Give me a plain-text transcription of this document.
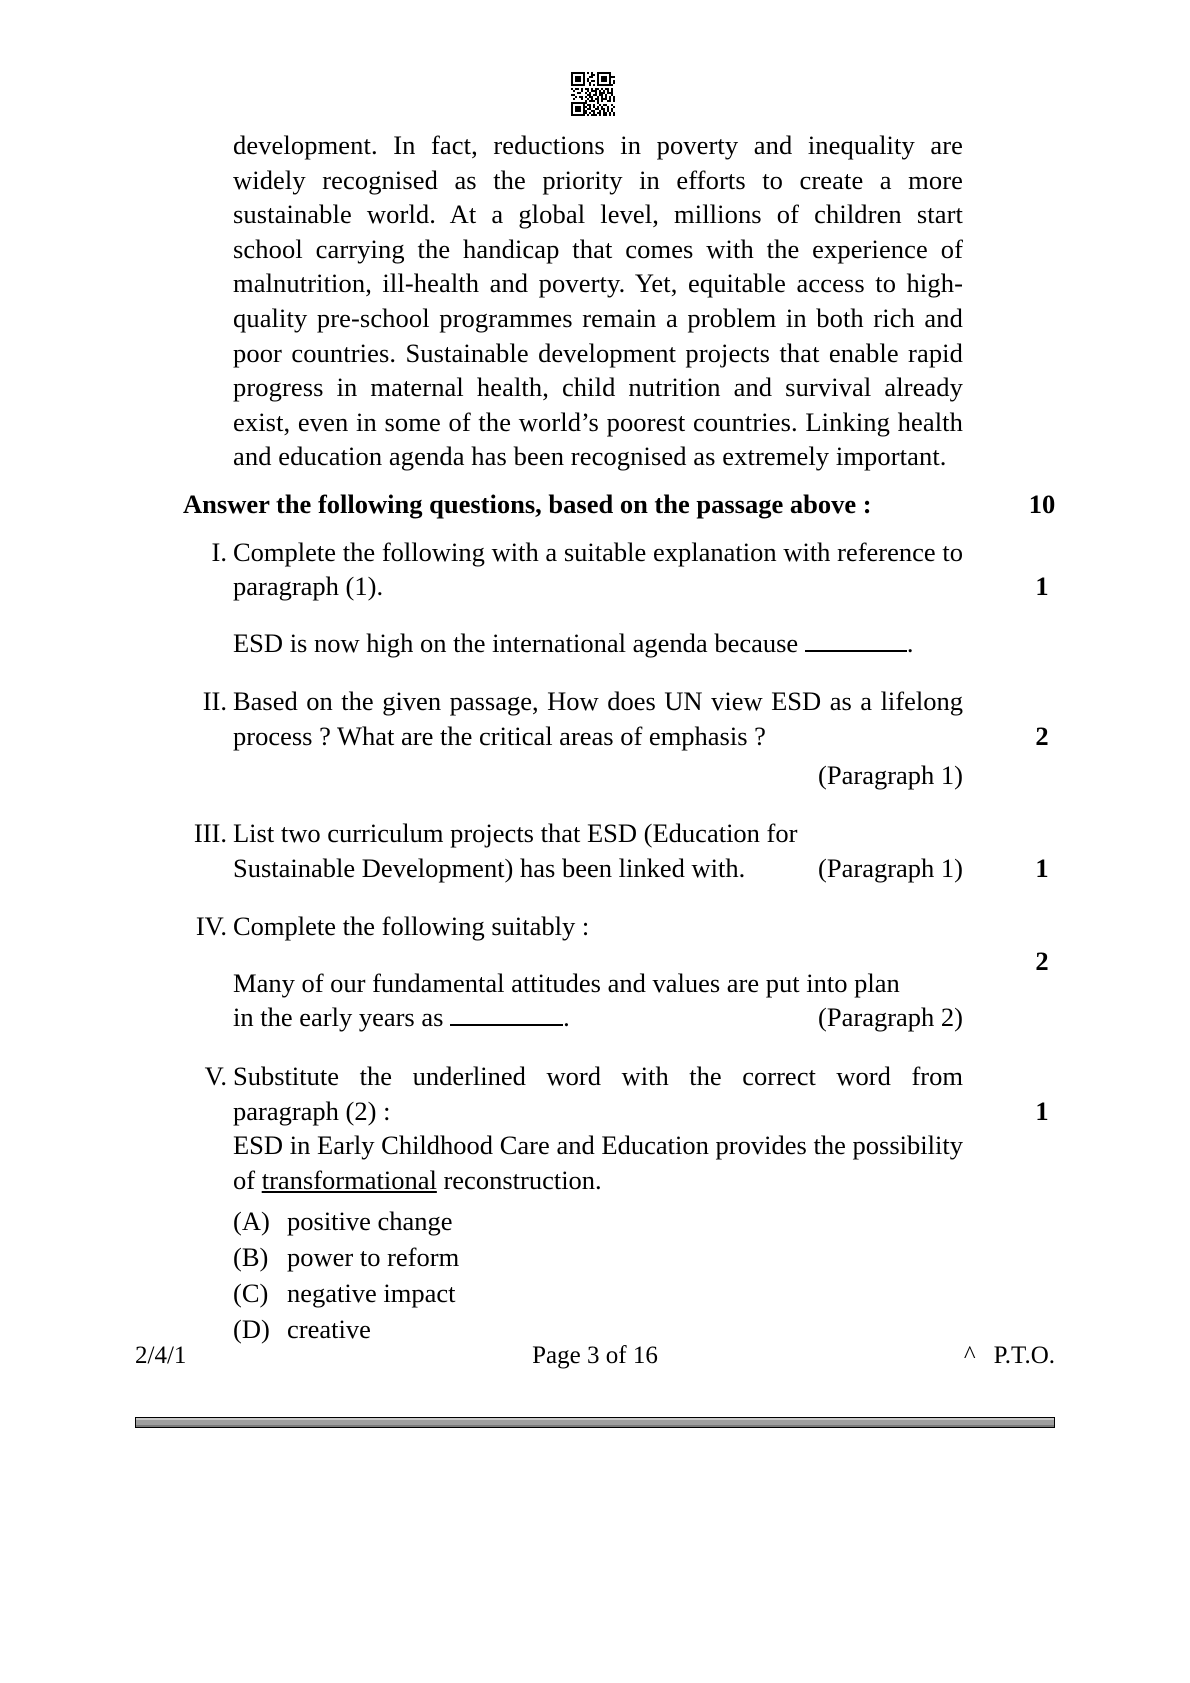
development. In fact, reductions in poverty and inequality are widely recognised as the priority in efforts to create a more sustainable world. At a global level, millions of children start school carrying the handicap that comes with the experience of malnutrition, ill-health and poverty. Yet, equitable access to high-quality pre-school programmes remain a problem in both rich and poor countries. Sustainable development projects that enable rapid progress in maternal health, child nutrition and survival already exist, even in some of the world’s poorest countries. Linking health and education agenda has been recognised as extremely important.

Answer the following questions, based on the passage above :	10
I. Complete the following with a suitable explanation with reference to paragraph (1).	1
ESD is now high on the international agenda because	.
II. Based on the given passage, How does UN view ESD as a lifelong process ? What are the critical areas of emphasis ?	2
(Paragraph 1)
III. List two curriculum projects that ESD (Education for
Sustainable Development) has been linked with.	(Paragraph 1)	1
IV. Complete the following suitably :
2
Many of our fundamental attitudes and values are put into plan
in the early years as	.	(Paragraph 2)
V. Substitute the underlined word with the correct word from paragraph (2) :	1
ESD in Early Childhood Care and Education provides the possibility of transformational reconstruction.
(A) positive change
(B) power to reform
(C) negative impact
(D) creative
2/4/1	Page 3 of 16	^ P.T.O.
